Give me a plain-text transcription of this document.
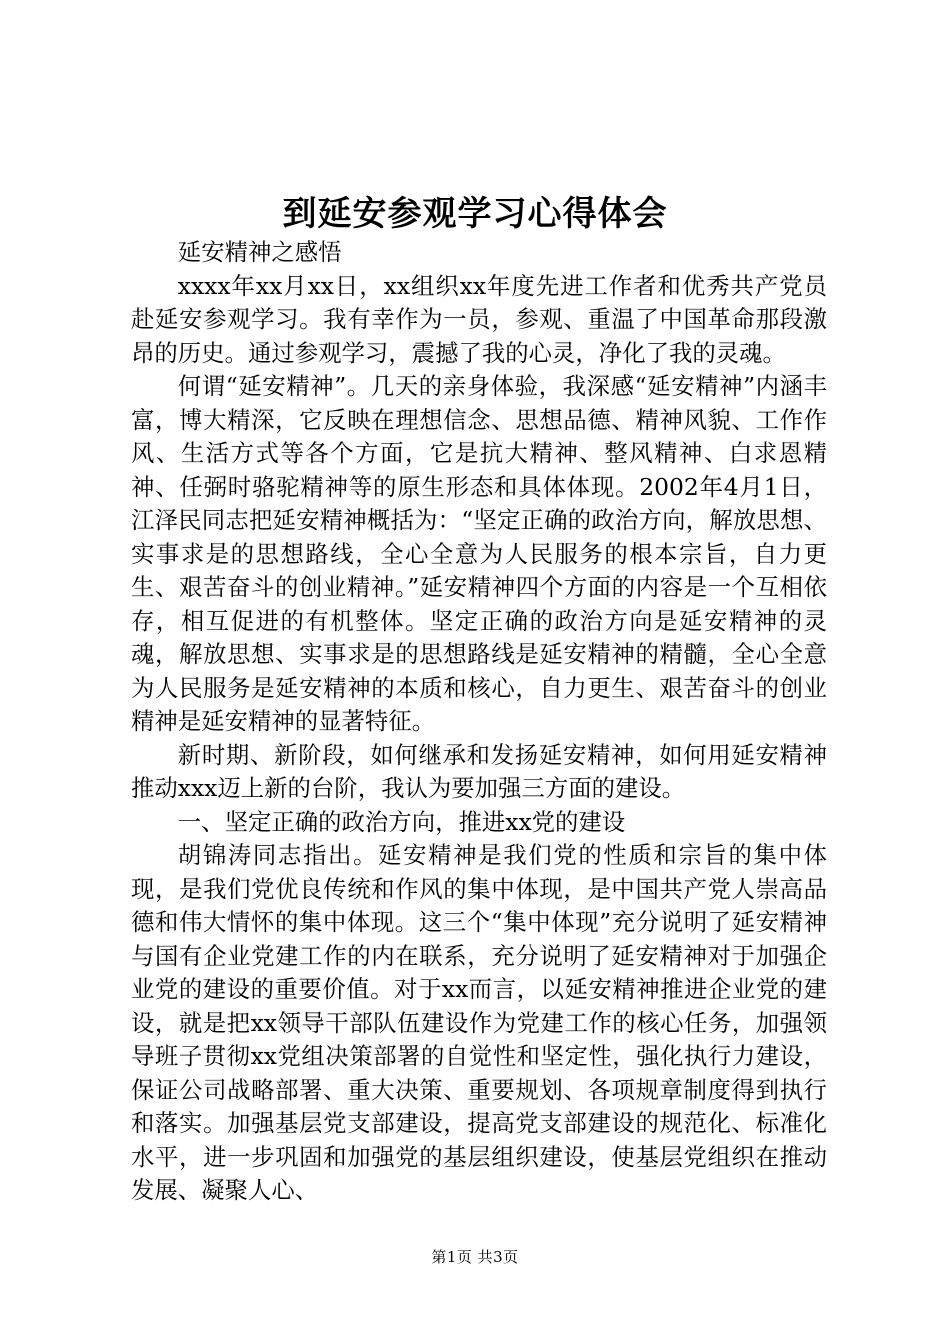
到延安参观学习心得体会

延安精神之感悟

xxxx年xx月xx日，xx组织xx年度先进工作者和优秀共产党员赴延安参观学习。我有幸作为一员，参观、重温了中国革命那段激昂的历史。通过参观学习，震撼了我的心灵，净化了我的灵魂。

何谓“延安精神”。几天的亲身体验，我深感“延安精神”内涵丰富，博大精深，它反映在理想信念、思想品德、精神风貌、工作作风、生活方式等各个方面，它是抗大精神、整风精神、白求恩精神、任弼时骆驼精神等的原生形态和具体体现。2002年4月1日，江泽民同志把延安精神概括为：“坚定正确的政治方向，解放思想、实事求是的思想路线，全心全意为人民服务的根本宗旨，自力更生、艰苦奋斗的创业精神。”延安精神四个方面的内容是一个互相依存，相互促进的有机整体。坚定正确的政治方向是延安精神的灵魂，解放思想、实事求是的思想路线是延安精神的精髓，全心全意为人民服务是延安精神的本质和核心，自力更生、艰苦奋斗的创业精神是延安精神的显著特征。

新时期、新阶段，如何继承和发扬延安精神，如何用延安精神推动xxx迈上新的台阶，我认为要加强三方面的建设。

一、坚定正确的政治方向，推进xx党的建设

胡锦涛同志指出。延安精神是我们党的性质和宗旨的集中体现，是我们党优良传统和作风的集中体现，是中国共产党人崇高品德和伟大情怀的集中体现。这三个“集中体现”充分说明了延安精神与国有企业党建工作的内在联系，充分说明了延安精神对于加强企业党的建设的重要价值。对于xx而言，以延安精神推进企业党的建设，就是把xx领导干部队伍建设作为党建工作的核心任务，加强领导班子贯彻xx党组决策部署的自觉性和坚定性，强化执行力建设，保证公司战略部署、重大决策、重要规划、各项规章制度得到执行和落实。加强基层党支部建设，提高党支部建设的规范化、标准化水平，进一步巩固和加强党的基层组织建设，使基层党组织在推动发展、凝聚人心、

第1页 共3页
